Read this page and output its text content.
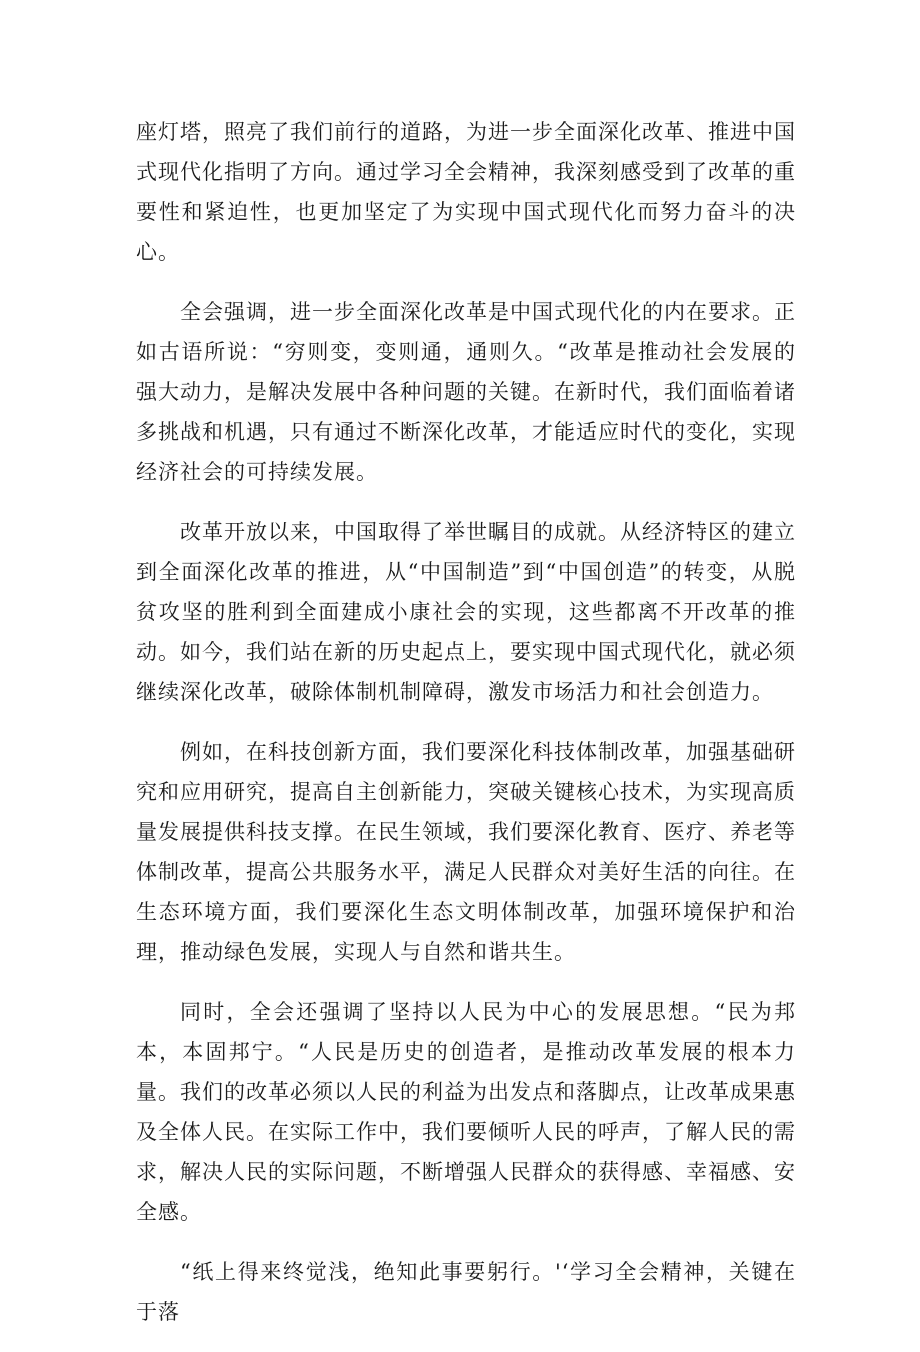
座灯塔，照亮了我们前行的道路，为进一步全面深化改革、推进中国式现代化指明了方向。通过学习全会精神，我深刻感受到了改革的重要性和紧迫性，也更加坚定了为实现中国式现代化而努力奋斗的决心。

全会强调，进一步全面深化改革是中国式现代化的内在要求。正如古语所说：“穷则变，变则通，通则久。“改革是推动社会发展的强大动力，是解决发展中各种问题的关键。在新时代，我们面临着诸多挑战和机遇，只有通过不断深化改革，才能适应时代的变化，实现经济社会的可持续发展。

改革开放以来，中国取得了举世瞩目的成就。从经济特区的建立到全面深化改革的推进，从“中国制造”到“中国创造”的转变，从脱贫攻坚的胜利到全面建成小康社会的实现，这些都离不开改革的推动。如今，我们站在新的历史起点上，要实现中国式现代化，就必须继续深化改革，破除体制机制障碍，激发市场活力和社会创造力。

例如，在科技创新方面，我们要深化科技体制改革，加强基础研究和应用研究，提高自主创新能力，突破关键核心技术，为实现高质量发展提供科技支撑。在民生领域，我们要深化教育、医疗、养老等体制改革，提高公共服务水平，满足人民群众对美好生活的向往。在生态环境方面，我们要深化生态文明体制改革，加强环境保护和治理，推动绿色发展，实现人与自然和谐共生。

同时，全会还强调了坚持以人民为中心的发展思想。“民为邦本，本固邦宁。“人民是历史的创造者，是推动改革发展的根本力量。我们的改革必须以人民的利益为出发点和落脚点，让改革成果惠及全体人民。在实际工作中，我们要倾听人民的呼声，了解人民的需求，解决人民的实际问题，不断增强人民群众的获得感、幸福感、安全感。

“纸上得来终觉浅，绝知此事要躬行。'‘学习全会精神，关键在于落
